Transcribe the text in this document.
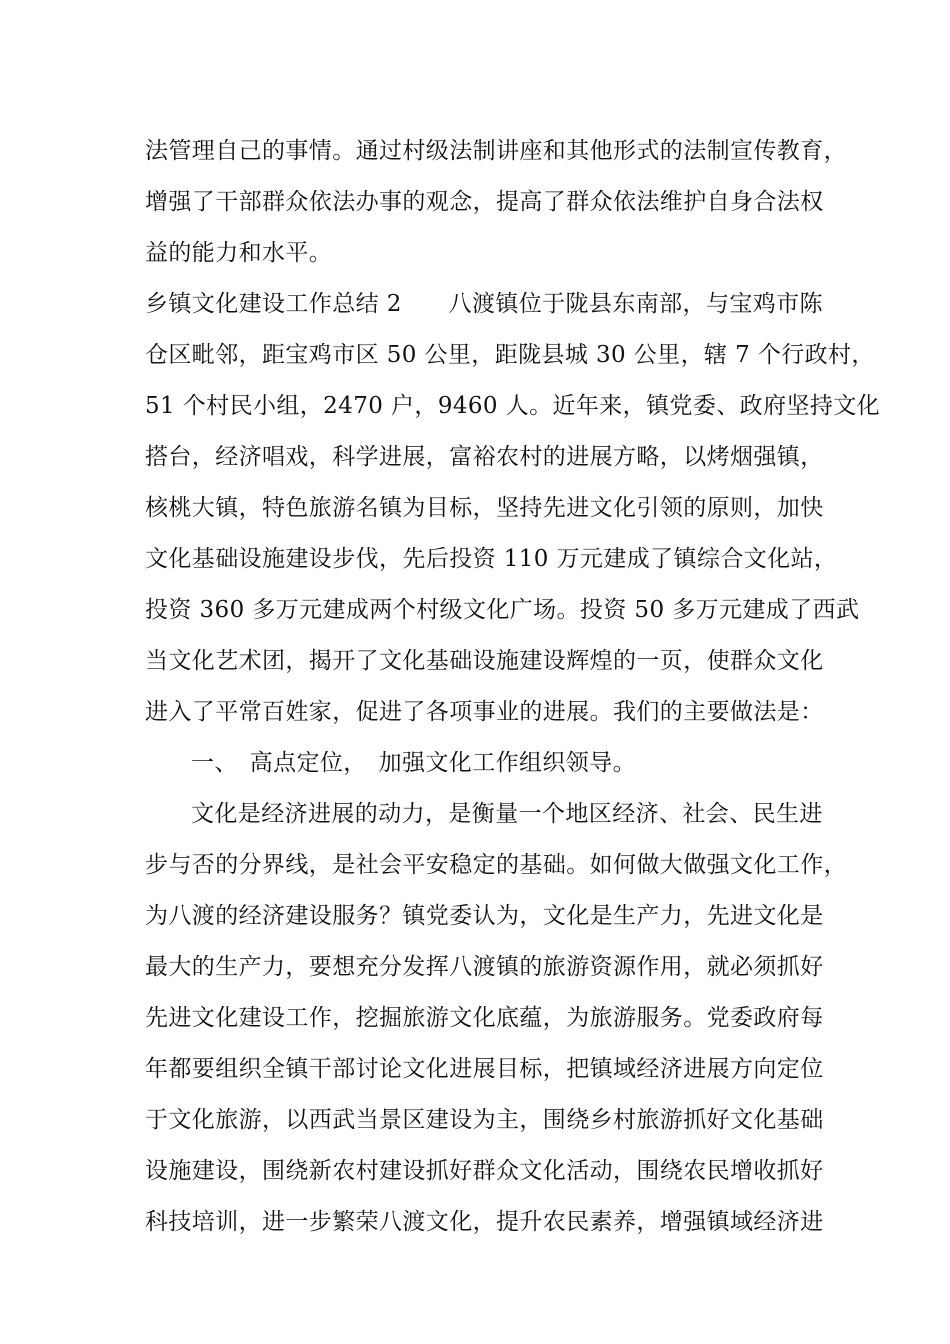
法管理自己的事情。通过村级法制讲座和其他形式的法制宣传教育，
增强了干部群众依法办事的观念，提高了群众依法维护自身合法权
益的能力和水平。
乡镇文化建设工作总结 2　　八渡镇位于陇县东南部，与宝鸡市陈
仓区毗邻，距宝鸡市区 50 公里，距陇县城 30 公里，辖 7 个行政村，
51 个村民小组，2470 户，9460 人。近年来，镇党委、政府坚持文化
搭台，经济唱戏，科学进展，富裕农村的进展方略，以烤烟强镇，
核桃大镇，特色旅游名镇为目标，坚持先进文化引领的原则，加快
文化基础设施建设步伐，先后投资 110 万元建成了镇综合文化站，
投资 360 多万元建成两个村级文化广场。投资 50 多万元建成了西武
当文化艺术团，揭开了文化基础设施建设辉煌的一页，使群众文化
进入了平常百姓家，促进了各项事业的进展。我们的主要做法是：
一、　高点定位，　加强文化工作组织领导。
文化是经济进展的动力，是衡量一个地区经济、社会、民生进
步与否的分界线，是社会平安稳定的基础。如何做大做强文化工作，
为八渡的经济建设服务？镇党委认为，文化是生产力，先进文化是
最大的生产力，要想充分发挥八渡镇的旅游资源作用，就必须抓好
先进文化建设工作，挖掘旅游文化底蕴，为旅游服务。党委政府每
年都要组织全镇干部讨论文化进展目标，把镇域经济进展方向定位
于文化旅游，以西武当景区建设为主，围绕乡村旅游抓好文化基础
设施建设，围绕新农村建设抓好群众文化活动，围绕农民增收抓好
科技培训，进一步繁荣八渡文化，提升农民素养，增强镇域经济进
